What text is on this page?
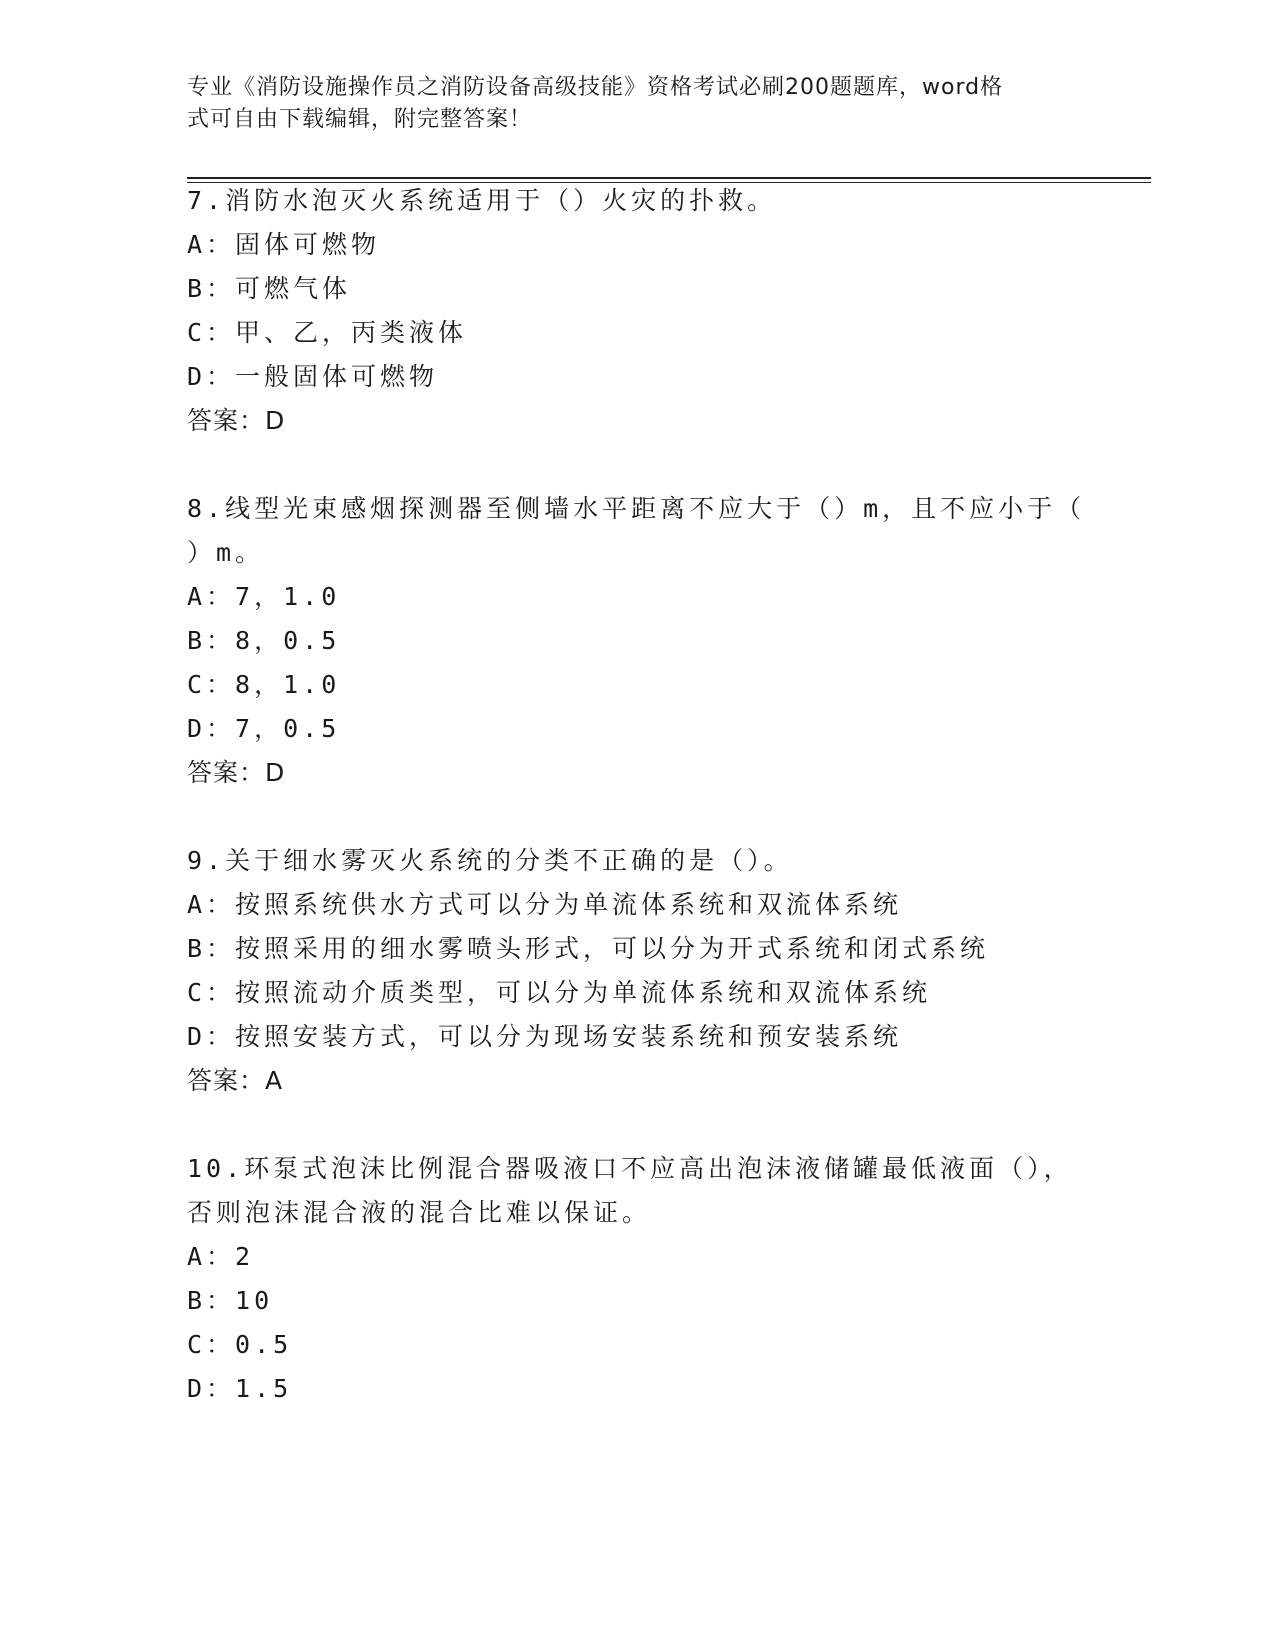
专业《消防设施操作员之消防设备高级技能》资格考试必刷200题题库，word格
式可自由下载编辑，附完整答案！
7.消防水泡灭火系统适用于（）火灾的扑救。
A：固体可燃物
B：可燃气体
C：甲、乙，丙类液体
D：一般固体可燃物
答案：D
8.线型光束感烟探测器至侧墙水平距离不应大于（）m，且不应小于（
）m。
A：7，1.0
B：8，0.5
C：8，1.0
D：7，0.5
答案：D
9.关于细水雾灭火系统的分类不正确的是（）。
A：按照系统供水方式可以分为单流体系统和双流体系统
B：按照采用的细水雾喷头形式，可以分为开式系统和闭式系统
C：按照流动介质类型，可以分为单流体系统和双流体系统
D：按照安装方式，可以分为现场安装系统和预安装系统
答案：A
10.环泵式泡沫比例混合器吸液口不应高出泡沫液储罐最低液面（），
否则泡沫混合液的混合比难以保证。
A：2
B：10
C：0.5
D：1.5
